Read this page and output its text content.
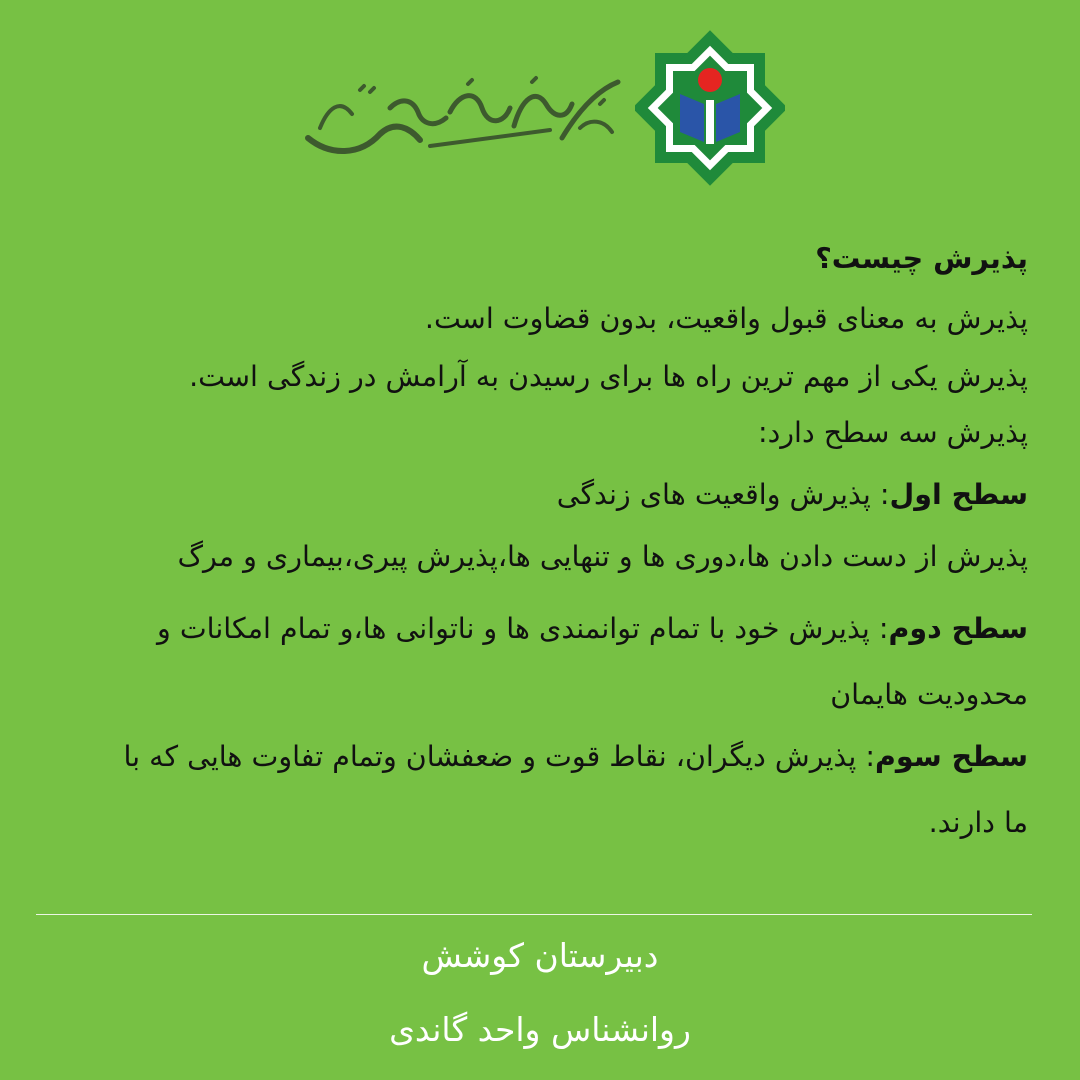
پذیرش چیست؟
پذیرش به معنای قبول واقعیت، بدون قضاوت است.
پذیرش یکی از مهم ترین راه ها برای رسیدن به آرامش در زندگی است.
پذیرش سه سطح دارد:
سطح اول: پذیرش واقعیت های زندگی
پذیرش از دست دادن ها،دوری ها و تنهایی ها،پذیرش پیری،بیماری و مرگ
سطح دوم: پذیرش خود با تمام توانمندی ها و ناتوانی ها،و تمام امکانات و
محدودیت هایمان
سطح سوم: پذیرش دیگران، نقاط قوت و ضعفشان وتمام تفاوت هایی که با
ما دارند.
دبیرستان کوشش
روانشناس واحد گاندی
